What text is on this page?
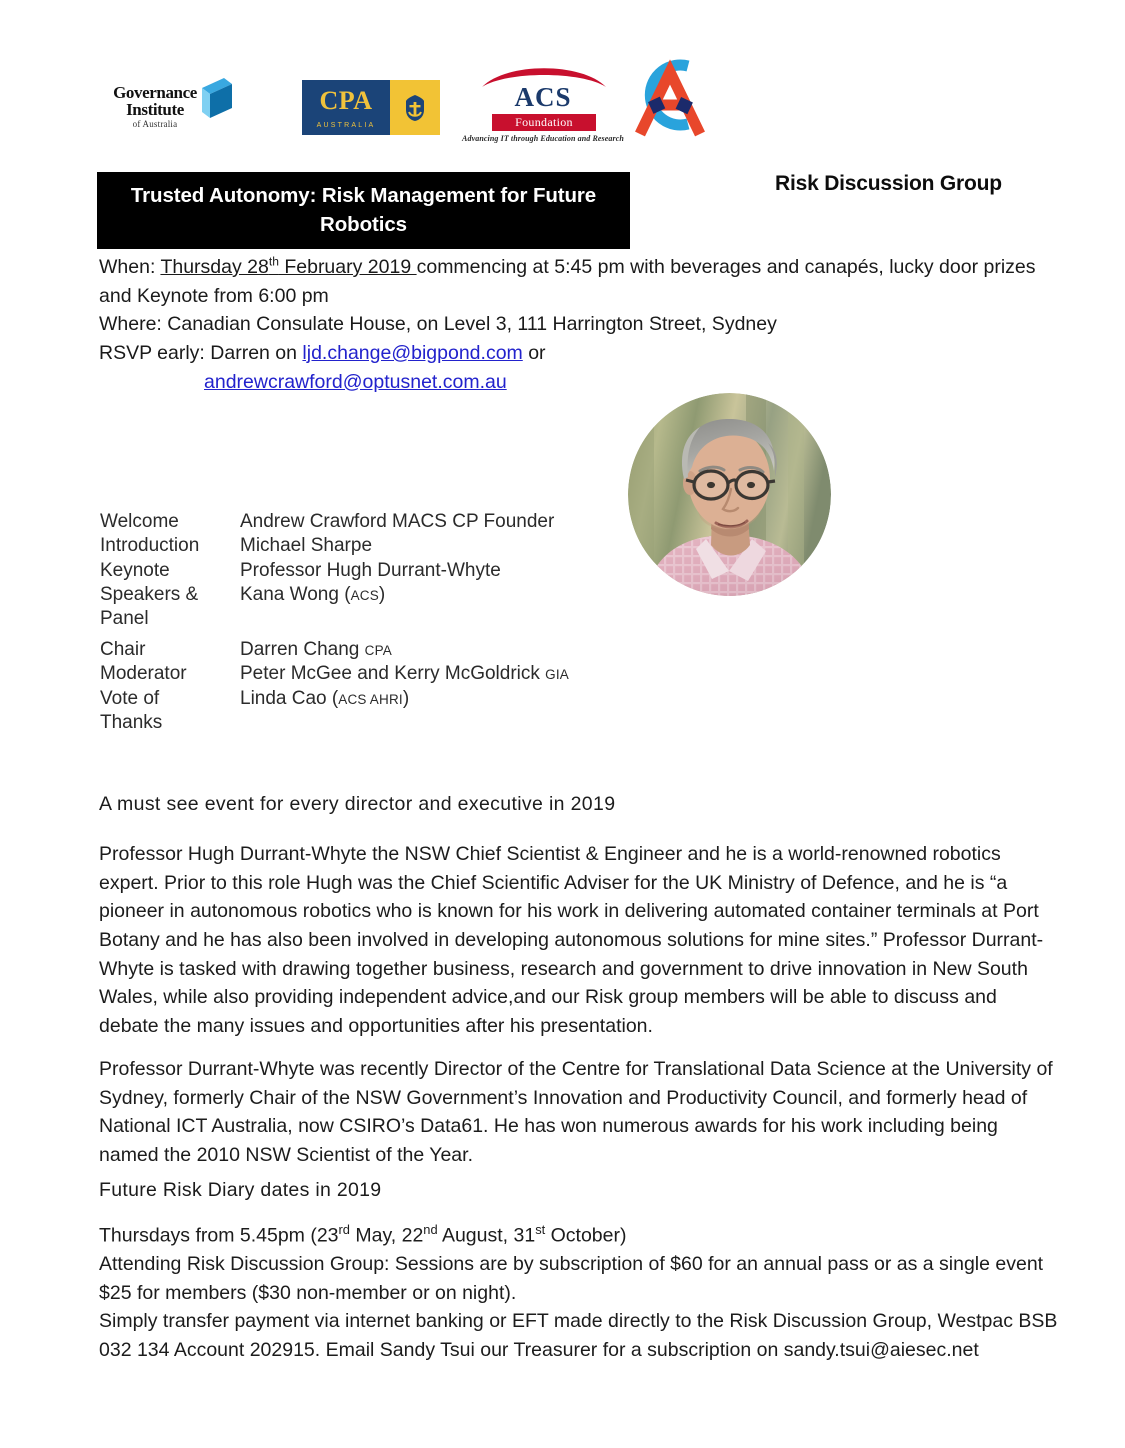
Governance
Institute
of Australia
CPA
AUSTRALIA
ACS
Foundation
Advancing IT through Education and Research
Trusted Autonomy: Risk Management for Future Robotics
Risk Discussion Group
When: Thursday 28th February 2019 commencing at 5:45 pm with beverages and canapés, lucky door prizes and Keynote from 6:00 pm
Where: Canadian Consulate House, on Level 3, 111 Harrington Street, Sydney
RSVP early: Darren on ljd.change@bigpond.com or
andrewcrawford@optusnet.com.au
Welcome	Andrew Crawford MACS CP Founder
Introduction	Michael Sharpe
Keynote	Professor Hugh Durrant-Whyte
Speakers &	Kana Wong (ACS)
Panel	
Chair	Darren Chang CPA
Moderator	Peter McGee and Kerry McGoldrick GIA
Vote of	Linda Cao (ACS AHRI)
Thanks	
A must see event for every director and executive in 2019
Professor Hugh Durrant-Whyte the NSW Chief Scientist & Engineer and he is a world-renowned robotics expert. Prior to this role Hugh was the Chief Scientific Adviser for the UK Ministry of Defence, and he is “a pioneer in autonomous robotics who is known for his work in delivering automated container terminals at Port Botany and he has also been involved in developing autonomous solutions for mine sites.” Professor Durrant-Whyte is tasked with drawing together business, research and government to drive innovation in New South Wales, while also providing independent advice,and our Risk group members will be able to discuss and debate the many issues and opportunities after his presentation.
Professor Durrant-Whyte was recently Director of the Centre for Translational Data Science at the University of Sydney, formerly Chair of the NSW Government’s Innovation and Productivity Council, and formerly head of National ICT Australia, now CSIRO’s Data61. He has won numerous awards for his work including being named the 2010 NSW Scientist of the Year.
Future Risk Diary dates in 2019
Thursdays from 5.45pm (23rd May, 22nd August, 31st October)
Attending Risk Discussion Group: Sessions are by subscription of $60 for an annual pass or as a single event $25 for members ($30 non-member or on night).
Simply transfer payment via internet banking or EFT made directly to the Risk Discussion Group, Westpac BSB 032 134 Account 202915. Email Sandy Tsui our Treasurer for a subscription on sandy.tsui@aiesec.net
